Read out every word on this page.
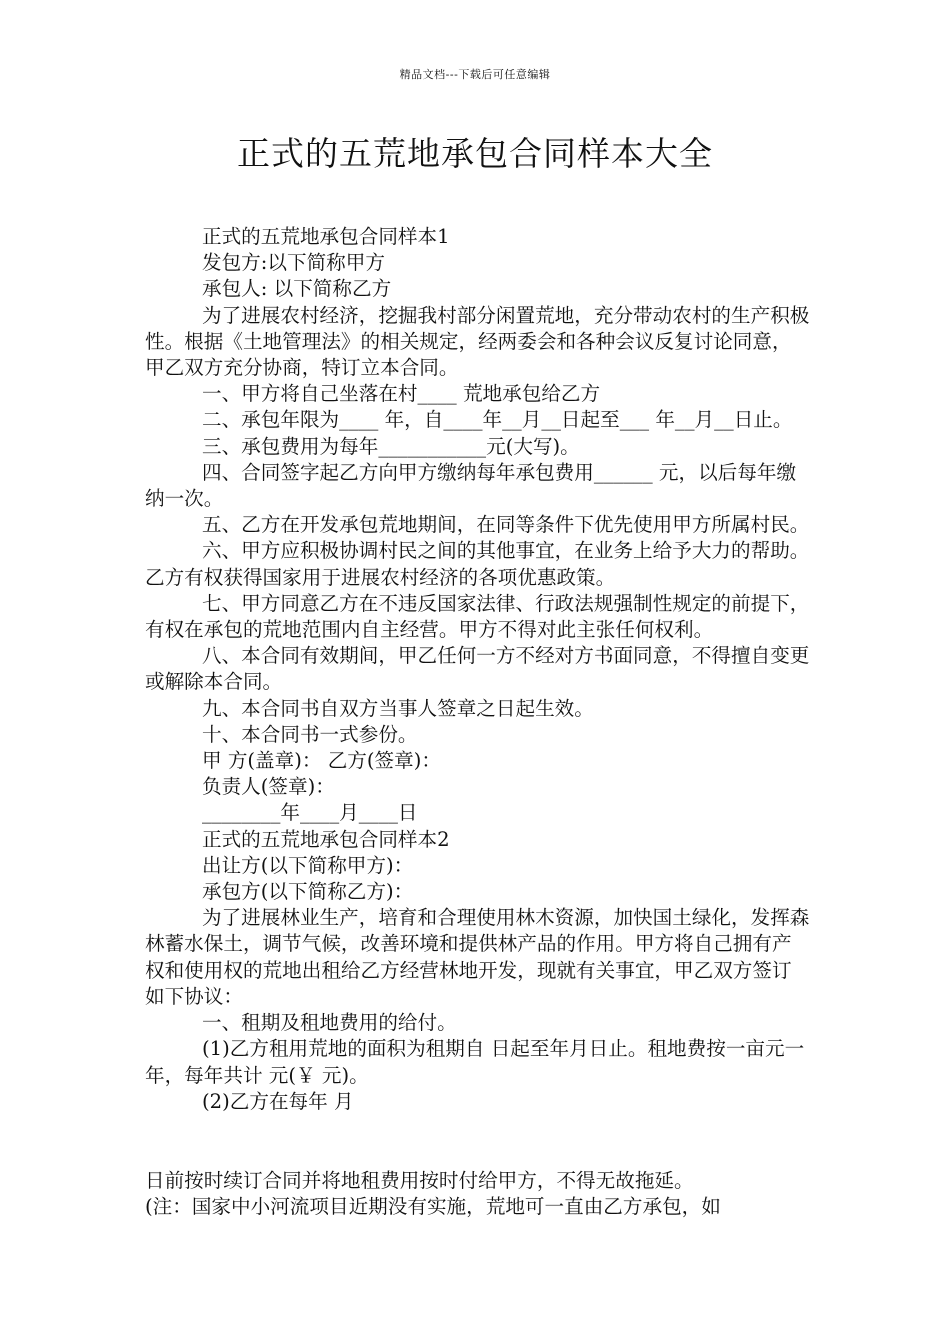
精品文档---下载后可任意编辑
正式的五荒地承包合同样本大全

正式的五荒地承包合同样本1

发包方:以下简称甲方

承包人: 以下简称乙方

为了进展农村经济，挖掘我村部分闲置荒地，充分带动农村的生产积极性。根据《土地管理法》的相关规定，经两委会和各种会议反复讨论同意，甲乙双方充分协商，特订立本合同。

一、甲方将自己坐落在村____ 荒地承包给乙方

二、承包年限为____ 年，自____年__月__日起至___ 年__月__日止。

三、承包费用为每年___________元(大写)。

四、合同签字起乙方向甲方缴纳每年承包费用______ 元，以后每年缴纳一次。

五、乙方在开发承包荒地期间，在同等条件下优先使用甲方所属村民。

六、甲方应积极协调村民之间的其他事宜，在业务上给予大力的帮助。乙方有权获得国家用于进展农村经济的各项优惠政策。

七、甲方同意乙方在不违反国家法律、行政法规强制性规定的前提下，有权在承包的荒地范围内自主经营。甲方不得对此主张任何权利。

八、本合同有效期间，甲乙任何一方不经对方书面同意，不得擅自变更或解除本合同。

九、本合同书自双方当事人签章之日起生效。

十、本合同书一式参份。

甲 方(盖章)： 乙方(签章)：

负责人(签章)：

________年____月____日

正式的五荒地承包合同样本2

出让方(以下简称甲方)：

承包方(以下简称乙方)：

为了进展林业生产，培育和合理使用林木资源，加快国土绿化，发挥森林蓄水保土，调节气候，改善环境和提供林产品的作用。甲方将自己拥有产权和使用权的荒地出租给乙方经营林地开发，现就有关事宜，甲乙双方签订如下协议：

一、租期及租地费用的给付。

(1)乙方租用荒地的面积为租期自 日起至年月日止。租地费按一亩元一年，每年共计 元(￥ 元)。

(2)乙方在每年 月

日前按时续订合同并将地租费用按时付给甲方，不得无故拖延。

(注：国家中小河流项目近期没有实施，荒地可一直由乙方承包，如
